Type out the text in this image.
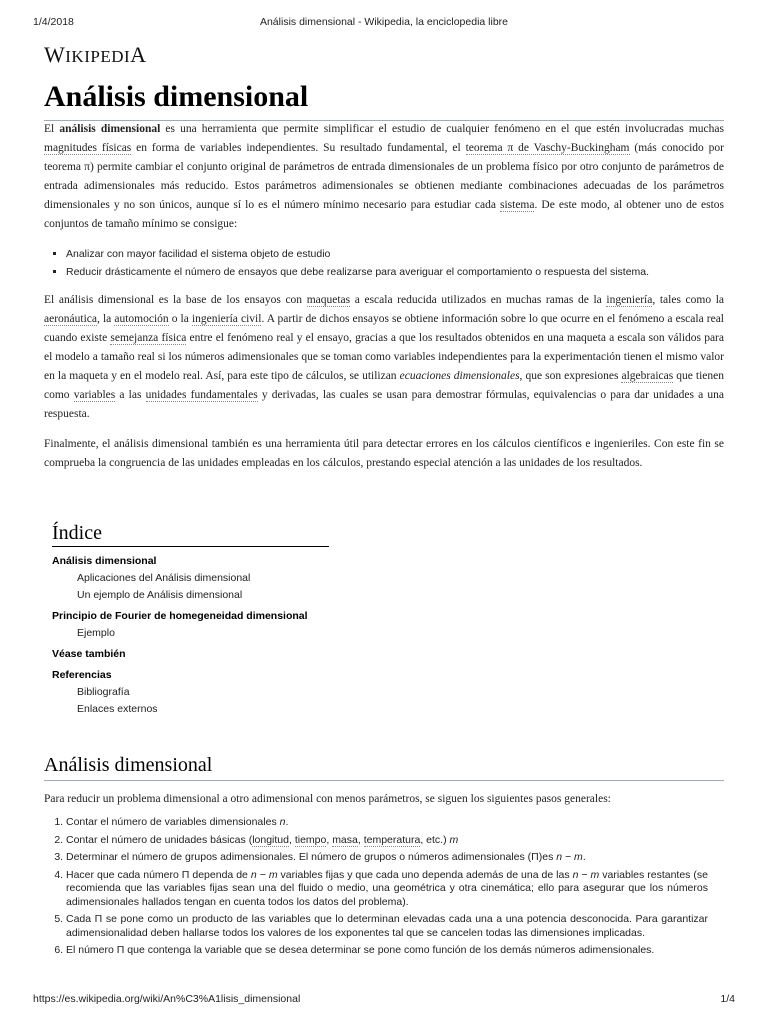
1/4/2018	Análisis dimensional - Wikipedia, la enciclopedia libre
WIKIPEDIA
Análisis dimensional

El análisis dimensional es una herramienta que permite simplificar el estudio de cualquier fenómeno en el que estén involucradas muchas magnitudes físicas en forma de variables independientes. Su resultado fundamental, el teorema π de Vaschy-Buckingham (más conocido por teorema π) permite cambiar el conjunto original de parámetros de entrada dimensionales de un problema físico por otro conjunto de parámetros de entrada adimensionales más reducido. Estos parámetros adimensionales se obtienen mediante combinaciones adecuadas de los parámetros dimensionales y no son únicos, aunque sí lo es el número mínimo necesario para estudiar cada sistema. De este modo, al obtener uno de estos conjuntos de tamaño mínimo se consigue:

▪ Analizar con mayor facilidad el sistema objeto de estudio
▪ Reducir drásticamente el número de ensayos que debe realizarse para averiguar el comportamiento o respuesta del sistema.

El análisis dimensional es la base de los ensayos con maquetas a escala reducida utilizados en muchas ramas de la ingeniería, tales como la aeronáutica, la automoción o la ingeniería civil. A partir de dichos ensayos se obtiene información sobre lo que ocurre en el fenómeno a escala real cuando existe semejanza física entre el fenómeno real y el ensayo, gracias a que los resultados obtenidos en una maqueta a escala son válidos para el modelo a tamaño real si los números adimensionales que se toman como variables independientes para la experimentación tienen el mismo valor en la maqueta y en el modelo real. Así, para este tipo de cálculos, se utilizan ecuaciones dimensionales, que son expresiones algebraicas que tienen como variables a las unidades fundamentales y derivadas, las cuales se usan para demostrar fórmulas, equivalencias o para dar unidades a una respuesta.

Finalmente, el análisis dimensional también es una herramienta útil para detectar errores en los cálculos científicos e ingenieriles. Con este fin se comprueba la congruencia de las unidades empleadas en los cálculos, prestando especial atención a las unidades de los resultados.

Índice
Análisis dimensional
Aplicaciones del Análisis dimensional
Un ejemplo de Análisis dimensional
Principio de Fourier de homegeneidad dimensional
Ejemplo
Véase también
Referencias
Bibliografía
Enlaces externos
Análisis dimensional
Para reducir un problema dimensional a otro adimensional con menos parámetros, se siguen los siguientes pasos generales:
1. Contar el número de variables dimensionales n.
2. Contar el número de unidades básicas (longitud, tiempo, masa, temperatura, etc.) m
3. Determinar el número de grupos adimensionales. El número de grupos o números adimensionales (Π)es n − m.
4. Hacer que cada número Π dependa de n − m variables fijas y que cada uno dependa además de una de las n − m variables restantes (se recomienda que las variables fijas sean una del fluido o medio, una geométrica y otra cinemática; ello para asegurar que los números adimensionales hallados tengan en cuenta todos los datos del problema).
5. Cada Π se pone como un producto de las variables que lo determinan elevadas cada una a una potencia desconocida. Para garantizar adimensionalidad deben hallarse todos los valores de los exponentes tal que se cancelen todas las dimensiones implicadas.
6. El número Π que contenga la variable que se desea determinar se pone como función de los demás números adimensionales.
https://es.wikipedia.org/wiki/An%C3%A1lisis_dimensional	1/4
